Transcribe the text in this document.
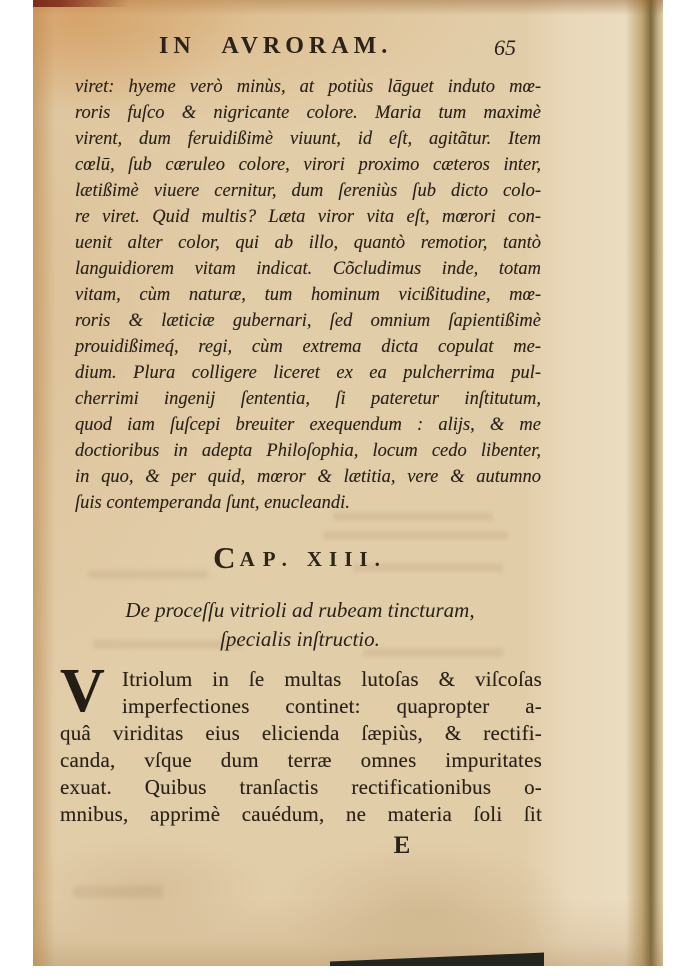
IN AVRORAM.	65
viret: hyeme verò minùs, at potiùs lāguet induto mœ-
roris fuſco & nigricante colore. Maria tum maximè
virent, dum feruidißimè viuunt, id eſt, agitãtur. Item
cœlū, ſub cæruleo colore, virori proximo cæteros inter,
lætißimè viuere cernitur, dum ſereniùs ſub dicto colo-
re viret. Quid multis? Læta viror vita eſt, mœrori con-
uenit alter color, qui ab illo, quantò remotior, tantò
languidiorem vitam indicat. Cõcludimus inde, totam
vitam, cùm naturæ, tum hominum vicißitudine, mœ-
roris & læticiæ gubernari, ſed omnium ſapientißimè
prouidißimeq́, regi, cùm extrema dicta copulat me-
dium. Plura colligere liceret ex ea pulcherrima pul-
cherrimi ingenij ſententia, ſi pateretur inſtitutum,
quod iam ſuſcepi breuiter exequendum : alijs, & me
doctioribus in adepta Philoſophia, locum cedo libenter,
in quo, & per quid, mœror & lætitia, vere & autumno
ſuis contemperanda ſunt, enucleandi.
CAP. XIII.
De proceſſu vitrioli ad rubeam tincturam,
ſpecialis inſtructio.
V Itriolum in ſe multas lutoſas & viſcoſas
imperfectiones continet: quapropter a-
quâ viriditas eius elicienda ſæpiùs, & rectifi-
canda, vſque dum terræ omnes impuritates
exuat. Quibus tranſactis rectificationibus o-
mnibus, apprimè cauédum, ne materia ſoli ſit
E
